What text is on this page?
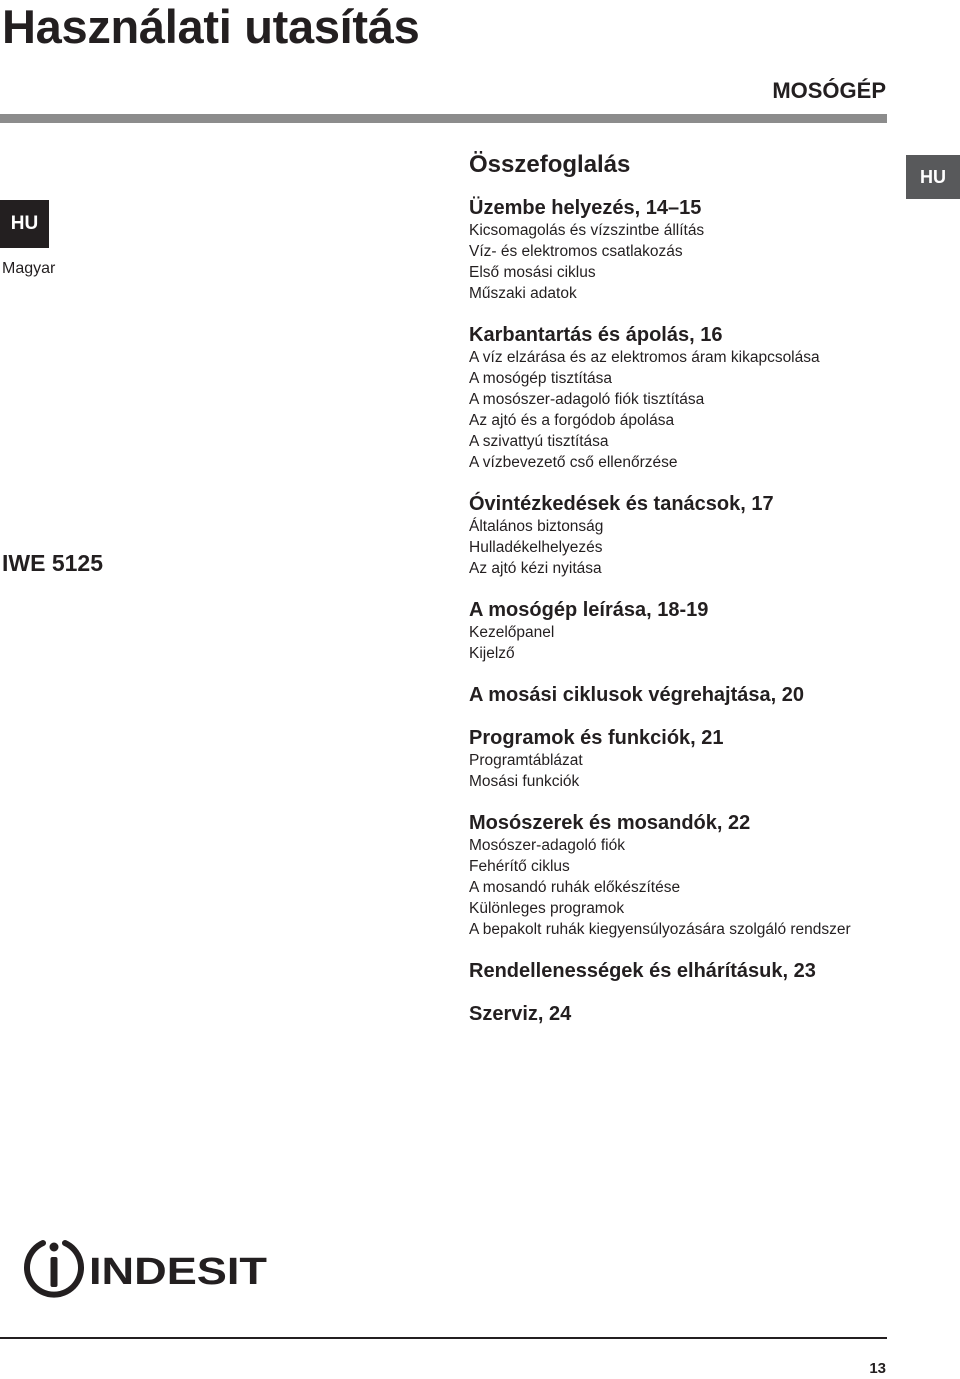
Használati utasítás
MOSÓGÉP
HU
HU
Magyar
IWE 5125
Összefoglalás
Üzembe helyezés, 14–15
Kicsomagolás és vízszintbe állítás
Víz- és elektromos csatlakozás
Első mosási ciklus
Műszaki adatok
Karbantartás és ápolás, 16
A víz elzárása és az elektromos áram kikapcsolása
A mosógép tisztítása
A mosószer-adagoló fiók tisztítása
Az ajtó és a forgódob ápolása
A szivattyú tisztítása
A vízbevezető cső ellenőrzése
Óvintézkedések és tanácsok, 17
Általános biztonság
Hulladékelhelyezés
Az ajtó kézi nyitása
A mosógép leírása, 18-19
Kezelőpanel
Kijelző
A mosási ciklusok végrehajtása, 20
Programok és funkciók, 21
Programtáblázat
Mosási funkciók
Mosószerek és mosandók, 22
Mosószer-adagoló fiók
Fehérítő ciklus
A mosandó ruhák előkészítése
Különleges programok
A bepakolt ruhák kiegyensúlyozására szolgáló rendszer
Rendellenességek és elhárításuk, 23
Szerviz, 24
INDESIT
13
